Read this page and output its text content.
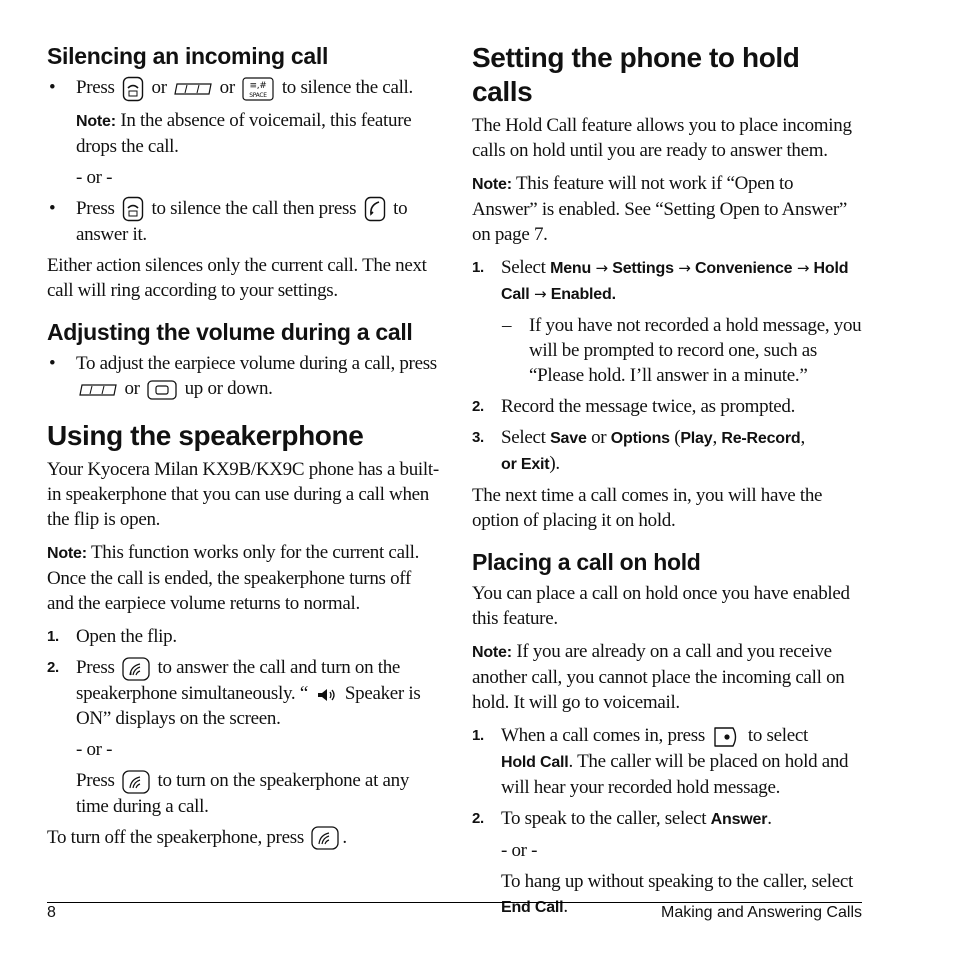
Silencing an incoming call
• Press or	or ≡,#
SPACE to silence the call.

Note: In the absence of voicemail, this feature drops the call.

- or -

• Press to silence the call then press to answer it.

Either action silences only the current call. The next call will ring according to your settings.

Adjusting the volume during a call
• To adjust the earpiece volume during a call, press
or up or down.
Using the speakerphone

Your Kyocera Milan KX9B/KX9C phone has a built-in speakerphone that you can use during a call when the flip is open.

Note: This function works only for the current call. Once the call is ended, the speakerphone turns off and the earpiece volume returns to normal.

1. Open the flip.
2. Press to answer the call and turn on the speakerphone simultaneously. “ Speaker is ON” displays on the screen.

- or -

Press to turn on the speakerphone at any time during a call.

To turn off the speakerphone, press .

Setting the phone to hold calls

The Hold Call feature allows you to place incoming calls on hold until you are ready to answer them.

Note: This feature will not work if “Open to Answer” is enabled. See “Setting Open to Answer” on page 7.

1. Select Menu → Settings → Convenience → Hold Call → Enabled.
– If you have not recorded a hold message, you will be prompted to record one, such as “Please hold. I’ll answer in a minute.”
2. Record the message twice, as prompted.
3. Select Save or Options (Play, Re-Record,
or Exit).

The next time a call comes in, you will have the option of placing it on hold.

Placing a call on hold

You can place a call on hold once you have enabled this feature.

Note: If you are already on a call and you receive another call, you cannot place the incoming call on hold. It will go to voicemail.

1. When a call comes in, press to select
Hold Call. The caller will be placed on hold and will hear your recorded hold message.
2. To speak to the caller, select Answer.

- or -

To hang up without speaking to the caller, select End Call.

8	Making and Answering Calls
